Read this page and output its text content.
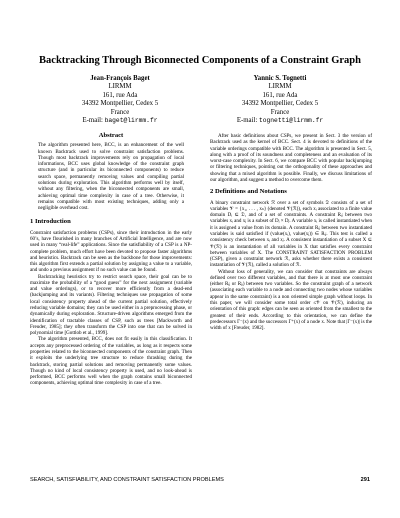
Backtracking Through Biconnected Components of a Constraint Graph
Jean-François Baget
LIRMM
161, rue Ada
34392 Montpellier, Cedex 5
France
E-mail: baget@lirmm.fr
Yannic S. Tognetti
LIRMM
161, rue Ada
34392 Montpellier, Cedex 5
France
E-mail: tognetti@lirmm.fr
Abstract

The algorithm presented here, BCC, is an enhancement of the well known Backtrack used to solve constraint satisfaction problems. Though most backtrack improvements rely on propagation of local informations, BCC uses global knowledge of the constraint graph structure (and in particular its biconnected components) to reduce search space, permanently removing values and compiling partial solutions during exploration. This algorithm performs well by itself, without any filtering, when the biconnected components are small, achieving optimal time complexity in case of a tree. Otherwise, it remains compatible with most existing techniques, adding only a negligible overhead cost.

1 Introduction

Constraint satisfaction problems (CSPs), since their introduction in the early 60’s, have flourished in many branches of Artificial Intelligence, and are now used in many “real-life” applications. Since the satisfiability of a CSP is a NP-complete problem, much effort have been devoted to propose faster algorithms and heuristics. Backtrack can be seen as the backbone for those improvements: this algorithm first extends a partial solution by assigning a value to a variable, and undo a previous assignment if no such value can be found.

Backtracking heuristics try to restrict search space, their goal can be to maximize the probability of a “good guess” for the next assignment (variable and value orderings), or to recover more efficiently from a dead-end (backjumping and its variants). Filtering techniques use propagation of some local consistency property ahead of the current partial solution, effectively reducing variable domains; they can be used either in a preprocessing phase, or dynamically during exploration. Structure-driven algorithms emerged from the identification of tractable classes of CSP, such as trees [Mackworth and Freuder, 1985]; they often transform the CSP into one that can be solved in polynomial time [Gottlob et al., 1999].

The algorithm presented, BCC, does not fit easily in this classification. It accepts any preprocessed ordering of the variables, as long as it respects some properties related to the biconnected components of the constraint graph. Then it exploits the underlying tree structure to reduce thrashing during the backtrack, storing partial solutions and removing permanently some values. Though no kind of local consistency property is used, and no look-ahead is performed, BCC performs well when the graph contains small biconnected components, achieving optimal time complexity in case of a tree.

After basic definitions about CSPs, we present in Sect. 3 the version of Backtrack used as the kernel of BCC. Sect. 4 is devoted to definitions of the variable orderings compatible with BCC. The algorithm is presented in Sect. 5, along with a proof of its soundness and completeness and an evaluation of its worst-case complexity. In Sect. 6, we compare BCC with popular backjumping or filtering techniques, pointing out the orthogonality of these approaches and showing that a mixed algorithm is possible. Finally, we discuss limitations of our algorithm, and suggest a method to overcome them.

2 Definitions and Notations

A binary constraint network ℛ over a set of symbols 𝔇 consists of a set of variables 𝒱 = {x₁, . . . , xₙ} (denoted 𝒱(ℛ)), each xᵢ associated to a finite value domain Dᵢ ⊆ 𝔇, and of a set of constraints. A constraint Rᵢⱼ between two variables xᵢ and xⱼ is a subset of Dᵢ × Dⱼ. A variable xᵢ is called instantiated when it is assigned a value from its domain. A constraint Rᵢⱼ between two instantiated variables is said satisfied if (value(xᵢ), value(xⱼ)) ∈ Rᵢⱼ. This test is called a consistency check between xᵢ and xⱼ. A consistent instantiation of a subset X ⊆ 𝒱(ℛ) is an instantiation of all variables in X that satisfies every constraint between variables of X. The CONSTRAINT SATISFACTION PROBLEM (CSP), given a constraint network ℛ, asks whether there exists a consistent instantiation of 𝒱(ℛ), called a solution of ℛ.

Without loss of generality, we can consider that constraints are always defined over two different variables, and that there is at most one constraint (either Rᵢⱼ or Rⱼᵢ) between two variables. So the constraint graph of a network (associating each variable to a node and connecting two nodes whose variables appear in the same constraint) is a non oriented simple graph without loops. In this paper, we will consider some total order ≤𝒱 on 𝒱(ℛ), inducing an orientation of this graph: edges can be seen as oriented from the smallest to the greatest of their ends. According to this orientation, we can define the predecessors Γ⁻(x) and the successors Γ⁺(x) of a node x. Note that |Γ⁻(x)| is the width of x [Freuder, 1982].

SEARCH, SATISFIABILITY, AND CONSTRAINT SATISFACTION PROBLEMS	291
